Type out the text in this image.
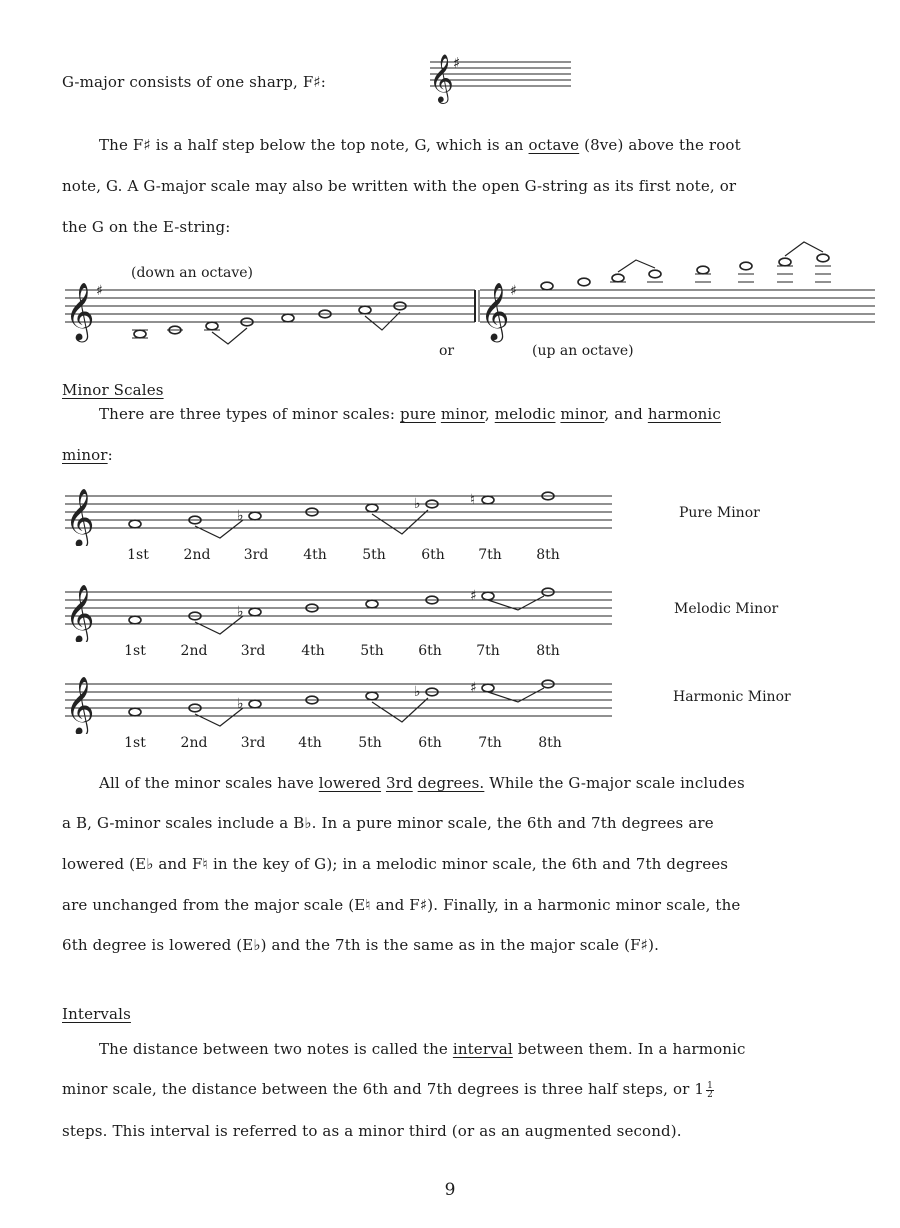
G-major consists of one sharp, F♯: 𝄞 ♯
The F♯ is a half step below the top note, G, which is an octave (8ve) above the root
note, G. A G-major scale may also be written with the open G-string as its first note, or
the G on the E-string:
(down an octave)
𝄞 ♯	𝄞 ♯
or	(up an octave)
Minor Scales
There are three types of minor scales: pure minor, melodic minor, and harmonic
minor:
𝄞	♭
♭	♮
Pure Minor
1st	2nd	3rd	4th	5th	6th	7th	8th
𝄞	♭
♯
Melodic Minor
1st	2nd	3rd	4th	5th	6th	7th	8th
𝄞	♭
♭	♯
Harmonic Minor
1st	2nd	3rd	4th	5th	6th	7th	8th
All of the minor scales have lowered 3rd degrees. While the G-major scale includes
a B, G-minor scales include a B♭. In a pure minor scale, the 6th and 7th degrees are
lowered (E♭ and F♮ in the key of G); in a melodic minor scale, the 6th and 7th degrees
are unchanged from the major scale (E♮ and F♯). Finally, in a harmonic minor scale, the
6th degree is lowered (E♭) and the 7th is the same as in the major scale (F♯).
Intervals
The distance between two notes is called the interval between them. In a harmonic
minor scale, the distance between the 6th and 7th degrees is three half steps, or $1 \frac{1}{2}$
steps. This interval is referred to as a minor third (or as an augmented second).
9
